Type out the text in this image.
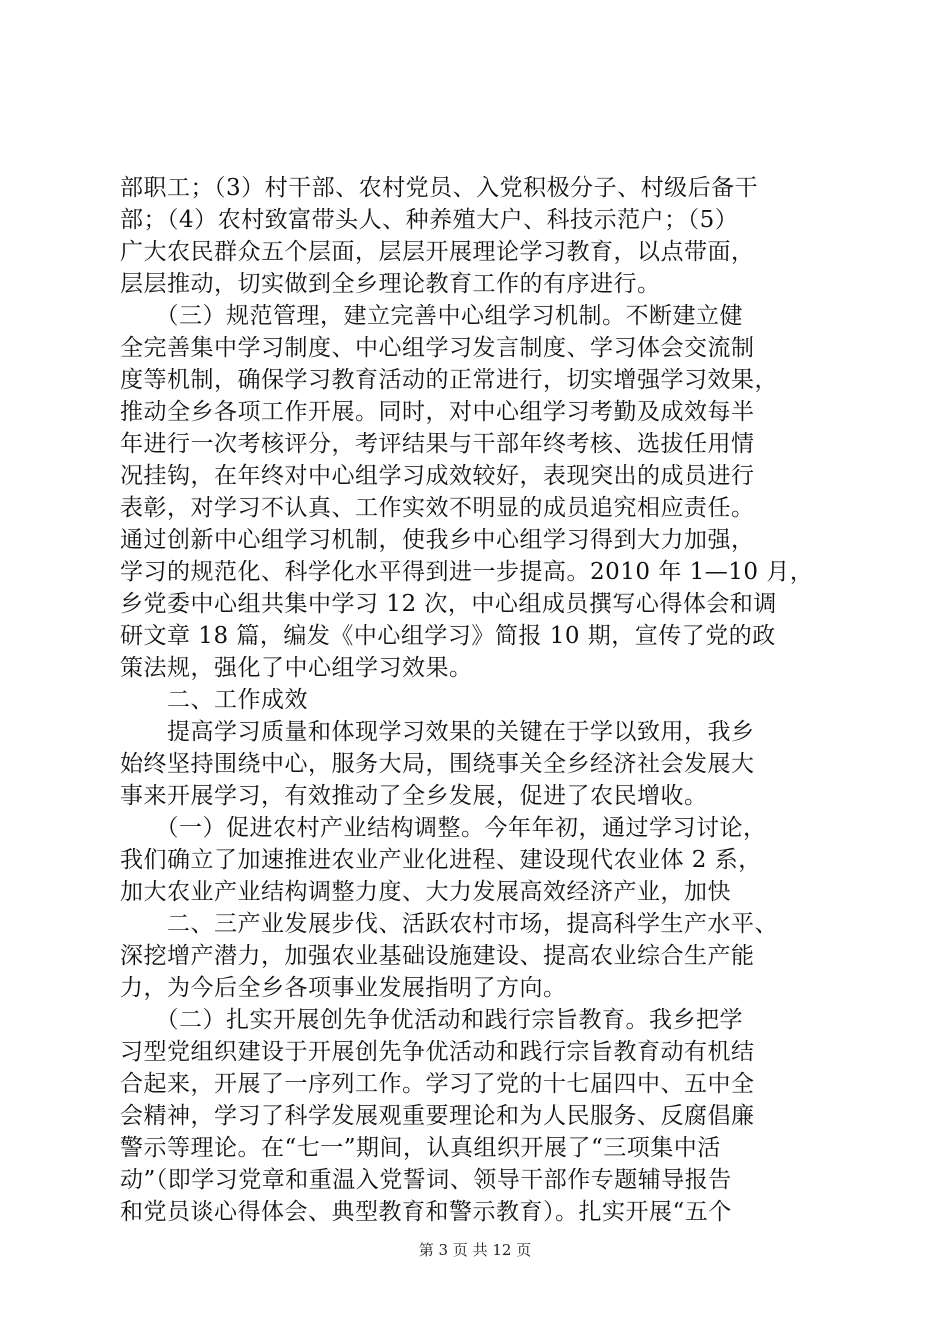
部职工；（3）村干部、农村党员、入党积极分子、村级后备干
部；（4）农村致富带头人、种养殖大户、科技示范户；（5）
广大农民群众五个层面，层层开展理论学习教育，以点带面，
层层推动，切实做到全乡理论教育工作的有序进行。
　　（三）规范管理，建立完善中心组学习机制。不断建立健
全完善集中学习制度、中心组学习发言制度、学习体会交流制
度等机制，确保学习教育活动的正常进行，切实增强学习效果，
推动全乡各项工作开展。同时，对中心组学习考勤及成效每半
年进行一次考核评分，考评结果与干部年终考核、选拔任用情
况挂钩，在年终对中心组学习成效较好，表现突出的成员进行
表彰，对学习不认真、工作实效不明显的成员追究相应责任。
通过创新中心组学习机制，使我乡中心组学习得到大力加强，
学习的规范化、科学化水平得到进一步提高。2010 年 1—10 月，
乡党委中心组共集中学习 12 次，中心组成员撰写心得体会和调
研文章 18 篇，编发《中心组学习》简报 10 期，宣传了党的政
策法规，强化了中心组学习效果。
　　二、工作成效
　　提高学习质量和体现学习效果的关键在于学以致用，我乡
始终坚持围绕中心，服务大局，围绕事关全乡经济社会发展大
事来开展学习，有效推动了全乡发展，促进了农民增收。
　　（一）促进农村产业结构调整。今年年初，通过学习讨论，
我们确立了加速推进农业产业化进程、建设现代农业体 2 系，
加大农业产业结构调整力度、大力发展高效经济产业，加快
　　二、三产业发展步伐、活跃农村市场，提高科学生产水平、
深挖增产潜力，加强农业基础设施建设、提高农业综合生产能
力，为今后全乡各项事业发展指明了方向。
　　（二）扎实开展创先争优活动和践行宗旨教育。我乡把学
习型党组织建设于开展创先争优活动和践行宗旨教育动有机结
合起来，开展了一序列工作。学习了党的十七届四中、五中全
会精神，学习了科学发展观重要理论和为人民服务、反腐倡廉
警示等理论。在“七一”期间，认真组织开展了“三项集中活
动”（即学习党章和重温入党誓词、领导干部作专题辅导报告
和党员谈心得体会、典型教育和警示教育）。扎实开展“五个
第 3 页 共 12 页
